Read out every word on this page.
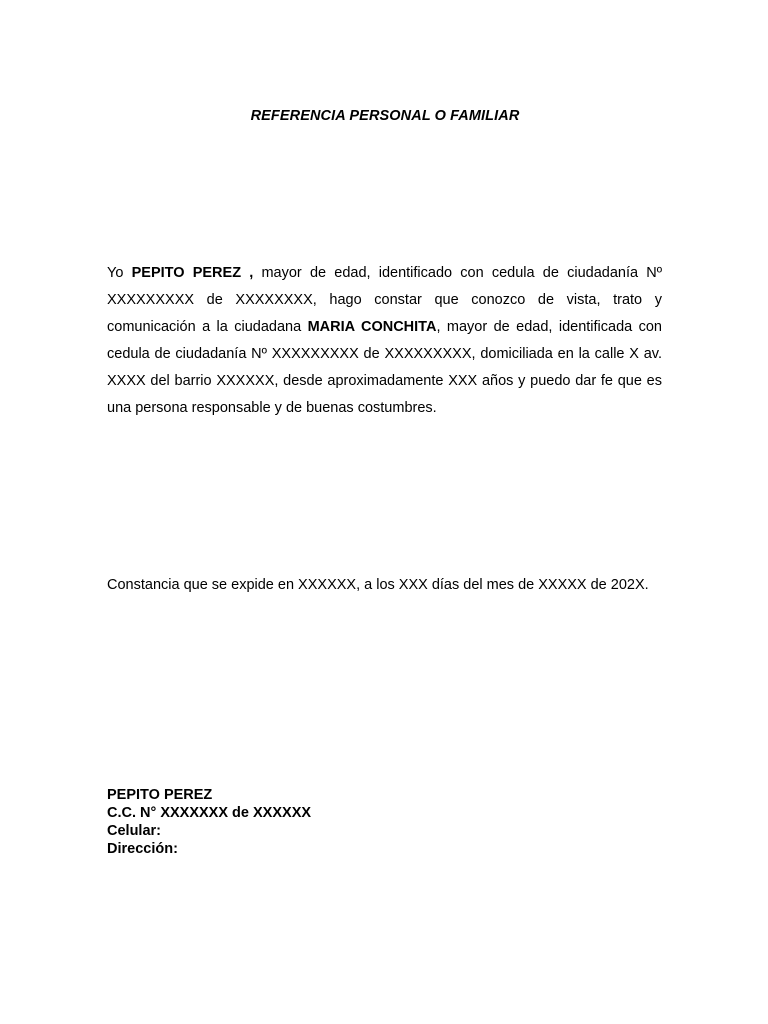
REFERENCIA PERSONAL O FAMILIAR
Yo PEPITO PEREZ , mayor de edad, identificado con cedula de ciudadanía Nº XXXXXXXXX de XXXXXXXX, hago constar que conozco de vista, trato y comunicación a la ciudadana MARIA CONCHITA, mayor de edad, identificada con cedula de ciudadanía Nº XXXXXXXXX de XXXXXXXXX, domiciliada en la calle X av. XXXX del barrio XXXXXX, desde aproximadamente XXX años y puedo dar fe que es una persona responsable y de buenas costumbres.
Constancia que se expide en XXXXXX, a los XXX días del mes de XXXXX de 202X.
PEPITO PEREZ
C.C. N° XXXXXXX de XXXXXX
Celular:
Dirección:
